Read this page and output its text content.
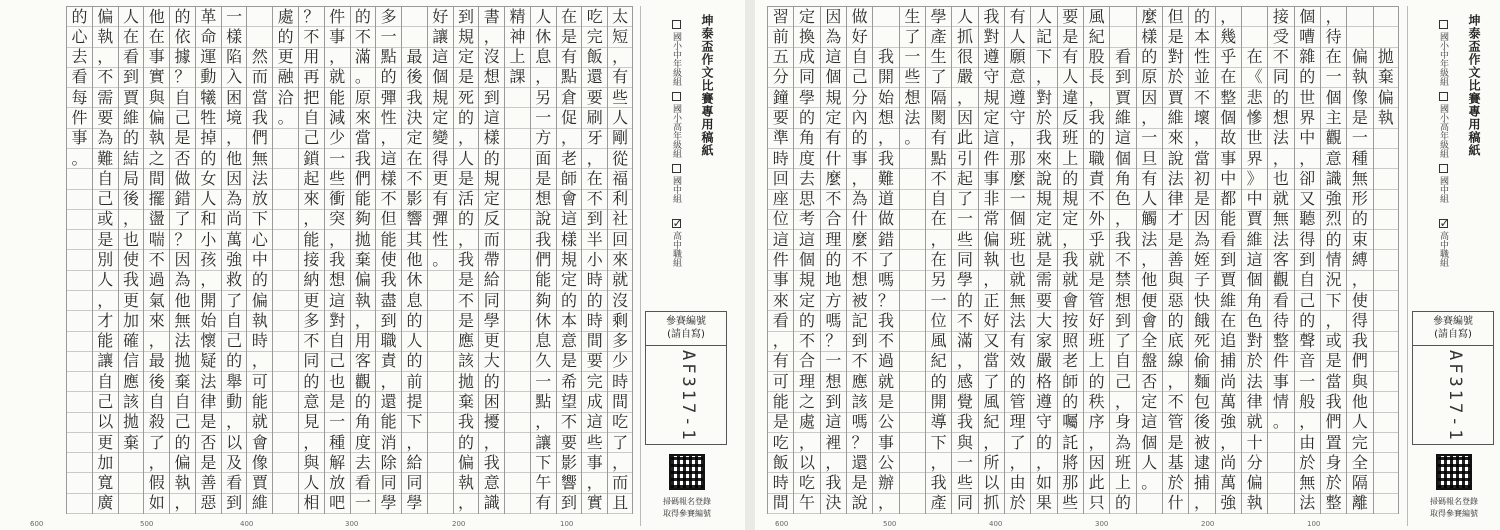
太
短
，
有
些
人
剛
從
福
利
社
回
來
就
沒
剩
多
少
時
間
吃
了
，
而
且
吃
完
飯
還
要
刷
牙
，
在
不
到
半
小
時
的
時
間
要
完
成
這
些
事
，
實
在
是
有
點
倉
促
，
老
師
會
這
樣
規
定
的
本
意
是
希
望
不
要
影
響
到
人
休
息
，
另
一
方
面
是
想
說
我
們
能
夠
休
息
久
一
點
，
讓
下
午
有
精
神
上
課
書
，
沒
想
到
這
樣
的
規
定
反
而
帶
給
同
學
更
大
的
困
擾
，
我
意
識
到
規
定
是
死
的
，
人
是
活
的
，
我
是
不
是
應
該
拋
棄
我
的
偏
執
，
好
讓
這
個
規
定
變
得
更
有
彈
性
。

最
後
我
決
定
在
不
影
響
其
他
休
息
的
人
的
前
提
下
，
給
同
學
多
一
點
的
彈
性
，
這
樣
不
但
能
使
我
盡
到
職
責
，
還
能
消
除
同
學
的
不
滿
。
原
來
當
我
們
能
夠
拋
棄
偏
執
，
用
客
觀
的
角
度
去
看
一
件
事
，
就
能
減
少
一
些
衝
突
，
我
想
這
對
自
己
也
是
一
種
解
放
吧
？
不
用
再
把
自
己
鎖
起
來
，
能
接
納
更
多
不
同
的
意
見
，
與
人
相
處
的
更
融
洽
。

然
而
當
我
們
無
法
放
下
心
中
的
偏
執
時
，
可
能
就
會
像
賈
維
一
樣
陷
入
困
境
，
他
因
為
尚
萬
強
救
了
自
己
的
舉
動
，
以
及
看
到
革
命
運
動
犧
牲
掉
的
女
人
和
小
孩
，
開
始
懷
疑
法
律
是
否
是
善
惡
的
依
據
？
自
己
是
否
做
錯
了
？
因
為
他
無
法
拋
棄
自
己
的
偏
執
，
他
在
事
實
與
偏
執
之
間
擺
盪
喘
不
過
氣
來
，
最
後
自
殺
了
，
假
如
人
在
看
到
賈
維
的
結
局
後
，
也
使
我
更
加
確
信
應
該
拋
棄
偏
執
，
不
需
要
為
難
自
己
或
是
別
人
，
才
能
讓
自
己
以
更
加
寬
廣
的
心
去
看
每
件
事
。
600	500	400	300	200	100
坤泰盃作文比賽專用稿紙
國小中年級組
國小高年級組
國中組
✓高中職組
參賽編號
(請自寫)
AF317-1
掃碼報名登錄
取得參賽編號

拋
棄
偏
執

偏
執
像
是
一
種
無
形
的
束
縛
，
使
得
我
們
與
他
人
完
全
隔
離
，
待
在
一
個
主
觀
意
識
強
烈
的
情
況
下
，
或
是
當
我
們
置
身
於
整
個
嘈
雜
的
世
界
中
，
卻
又
聽
得
到
自
己
的
聲
音
一
般
，
由
於
無
法
接
受
不
同
的
想
法
，
也
就
無
法
客
觀
看
待
整
件
事
情
。

在
《
悲
慘
世
界
》
中
賈
維
這
個
角
色
對
於
法
律
就
十
分
偏
執
，
幾
乎
在
整
個
故
事
中
都
能
看
到
賈
維
在
追
捕
尚
萬
強
，
尚
萬
強
的
本
性
並
不
壞
，
當
初
是
因
為
姪
子
快
餓
死
偷
麵
包
後
被
逮
捕
，
但
是
對
於
賈
維
來
說
法
律
才
是
善
與
惡
的
底
線
，
不
管
是
基
於
什
麼
樣
的
原
因
，
一
旦
有
人
觸
法
，
他
便
會
全
盤
否
定
這
個
人
。

看
到
賈
維
這
個
角
色
，
我
不
禁
想
到
了
自
己
，
身
為
班
上
的
風
紀
股
長
，
我
的
職
責
不
外
乎
就
是
管
好
班
上
的
秩
序
，
因
此
只
要
是
有
人
違
反
班
上
的
規
定
，
我
就
會
按
照
老
師
的
囑
託
將
那
些
人
記
下
，
對
於
我
來
說
規
定
就
是
需
要
大
家
嚴
格
遵
守
的
，
如
果
有
人
願
意
遵
守
，
那
麼
一
個
班
也
就
無
法
有
效
的
管
理
了
，
由
於
我
對
遵
守
規
定
這
件
事
非
常
偏
執
，
正
好
又
當
了
風
紀
，
所
以
抓
人
抓
很
嚴
，
因
此
引
起
了
一
些
同
學
的
不
滿
，
感
覺
我
與
一
些
同
學
產
生
了
隔
閡
有
點
不
自
在
，
在
另
一
位
風
紀
的
開
導
下
，
我
產
生
了
一
些
想
法
。

我
開
始
想
，
我
難
道
做
錯
了
嗎
？
我
不
過
就
是
公
事
公
辦
，
做
好
自
己
分
內
的
事
，
為
什
麼
不
想
被
記
到
不
應
該
嗎
？
還
是
說
因
為
這
個
規
定
有
什
麼
不
合
理
的
地
方
嗎
？
一
想
到
這
裡
，
我
決
定
換
成
同
學
的
角
度
去
思
考
這
個
規
定
的
不
合
理
之
處
，
以
吃
午
習
前
五
分
鐘
要
準
時
回
座
位
這
件
事
來
看
，
有
可
能
是
吃
飯
時
間
600	500	400	300	200	100
坤泰盃作文比賽專用稿紙
國小中年級組
國小高年級組
國中組
✓高中職組
參賽編號
(請自寫)
AF317-1
掃碼報名登錄
取得參賽編號
